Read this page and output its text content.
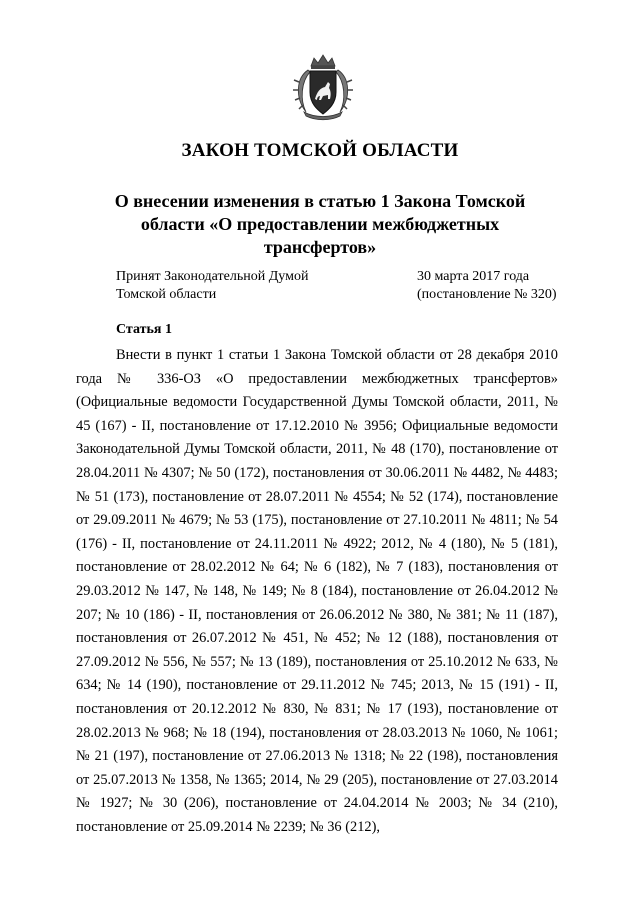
ЗАКОН ТОМСКОЙ ОБЛАСТИ
О внесении изменения в статью 1 Закона Томской области «О предоставлении межбюджетных трансфертов»
Принят Законодательной Думой
Томской области
30 марта 2017 года
(постановление № 320)
Статья 1

Внести в пункт 1 статьи 1 Закона Томской области от 28 декабря 2010 года № 336-ОЗ «О предоставлении межбюджетных трансфертов» (Официальные ведомости Государственной Думы Томской области, 2011, № 45 (167) - II, постановление от 17.12.2010 № 3956; Официальные ведомости Законодательной Думы Томской области, 2011, № 48 (170), постановление от 28.04.2011 № 4307; № 50 (172), постановления от 30.06.2011 № 4482, № 4483; № 51 (173), постановление от 28.07.2011 № 4554; № 52 (174), постановление от 29.09.2011 № 4679; № 53 (175), постановление от 27.10.2011 № 4811; № 54 (176) - II, постановление от 24.11.2011 № 4922; 2012, № 4 (180), № 5 (181), постановление от 28.02.2012 № 64; № 6 (182), № 7 (183), постановления от 29.03.2012 № 147, № 148, № 149; № 8 (184), постановление от 26.04.2012 № 207; № 10 (186) - II, постановления от 26.06.2012 № 380, № 381; № 11 (187), постановления от 26.07.2012 № 451, № 452; № 12 (188), постановления от 27.09.2012 № 556, № 557; № 13 (189), постановления от 25.10.2012 № 633, № 634; № 14 (190), постановление от 29.11.2012 № 745; 2013, № 15 (191) - II, постановления от 20.12.2012 № 830, № 831; № 17 (193), постановление от 28.02.2013 № 968; № 18 (194), постановления от 28.03.2013 № 1060, № 1061; № 21 (197), постановление от 27.06.2013 № 1318; № 22 (198), постановления от 25.07.2013 № 1358, № 1365; 2014, № 29 (205), постановление от 27.03.2014 № 1927; № 30 (206), постановление от 24.04.2014 № 2003; № 34 (210), постановление от 25.09.2014 № 2239; № 36 (212),
